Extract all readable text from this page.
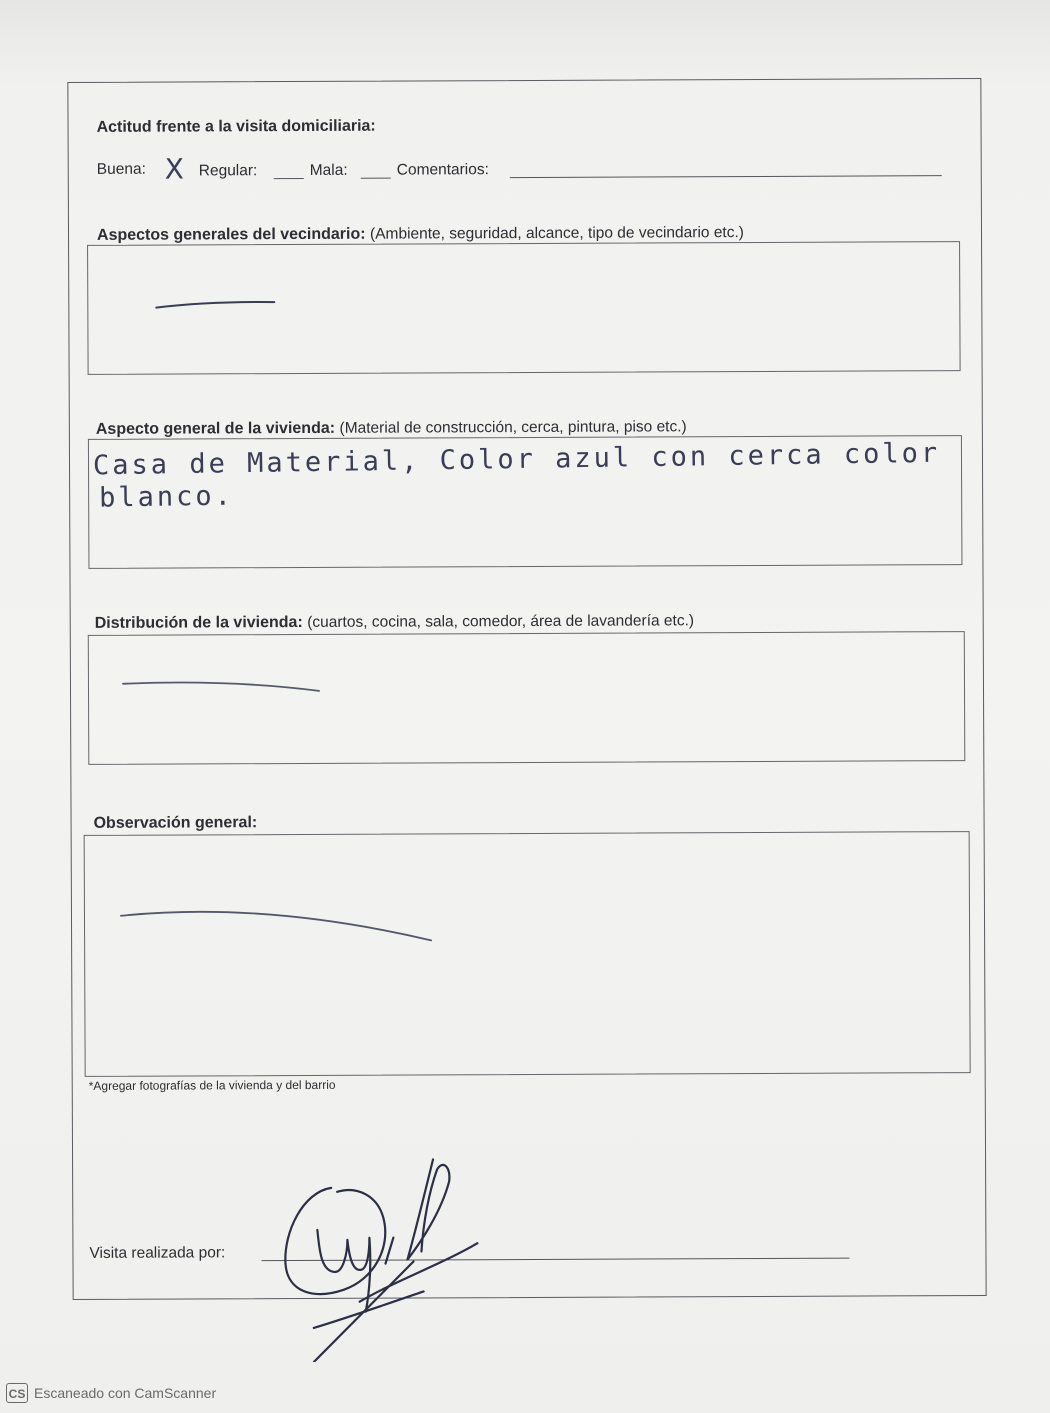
Actitud frente a la visita domiciliaria:
Buena: X Regular:	Mala:	Comentarios:
Aspectos generales del vecindario: (Ambiente, seguridad, alcance, tipo de vecindario etc.)
Aspecto general de la vivienda: (Material de construcción, cerca, pintura, piso etc.)
Casa de Material, Color azul con cerca color
blanco.
Distribución de la vivienda: (cuartos, cocina, sala, comedor, área de lavandería etc.)
Observación general:
*Agregar fotografías de la vivienda y del barrio
Visita realizada por:
CS Escaneado con CamScanner
